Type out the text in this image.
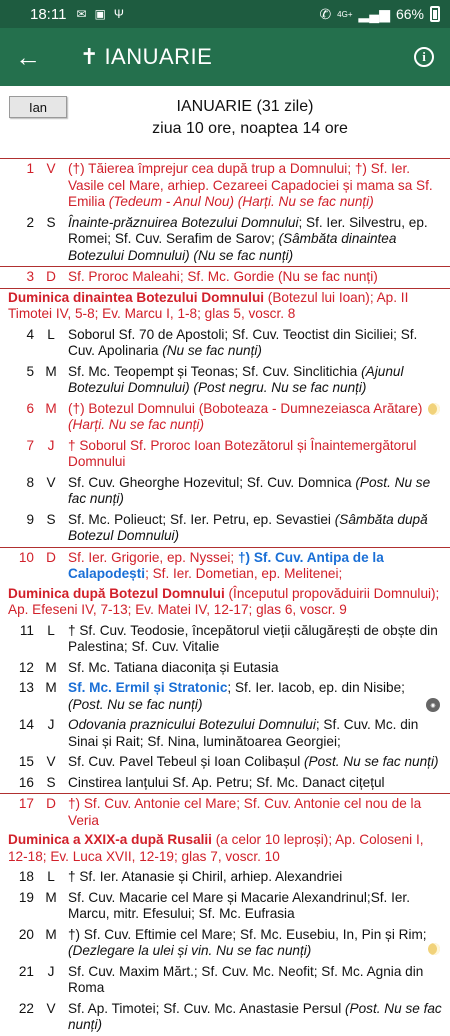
18:11 ✉ ▣ Ψ	✆ 4G+ ▂▄▆ 66%
←	✝ IANUARIE	i
Ian	IANUARIE (31 zile)
ziua 10 ore, noaptea 14 ore
1 V (†) Tăierea împrejur cea după trup a Domnului; †) Sf. Ier. Vasile cel Mare, arhiep. Cezareei Capadociei și mama sa Sf. Emilia (Tedeum - Anul Nou) (Harți. Nu se fac nunți)
2 S Înainte-prăznuirea Botezului Domnului; Sf. Ier. Silvestru, ep. Romei; Sf. Cuv. Serafim de Sarov; (Sâmbăta dinaintea Botezului Domnului) (Nu se fac nunți)
3 D Sf. Proroc Maleahi; Sf. Mc. Gordie (Nu se fac nunți)
Duminica dinaintea Botezului Domnului (Botezul lui Ioan); Ap. II Timotei IV, 5-8; Ev. Marcu I, 1-8; glas 5, voscr. 8
4 L Soborul Sf. 70 de Apostoli; Sf. Cuv. Teoctist din Siciliei; Sf. Cuv. Apolinaria (Nu se fac nunți)
5 M Sf. Mc. Teopempt și Teonas; Sf. Cuv. Sinclitichia (Ajunul Botezului Domnului) (Post negru. Nu se fac nunți)
6 M (†) Botezul Domnului (Boboteaza - Dumnezeiasca Arătare) (Harți. Nu se fac nunți)
7 J	† Soborul Sf. Proroc Ioan Botezătorul și Înaintemergătorul Domnului
8 V Sf. Cuv. Gheorghe Hozevitul; Sf. Cuv. Domnica (Post. Nu se fac nunți)
9 S Sf. Mc. Polieuct; Sf. Ier. Petru, ep. Sevastiei (Sâmbăta după Botezul Domnului)
10 D Sf. Ier. Grigorie, ep. Nyssei; †) Sf. Cuv. Antipa de la Calapodești; Sf. Ier. Dometian, ep. Melitenei;
Duminica după Botezul Domnului (Începutul propovăduirii Domnului); Ap. Efeseni IV, 7-13; Ev. Matei IV, 12-17; glas 6, voscr. 9
11 L † Sf. Cuv. Teodosie, începătorul vieții călugărești de obște din Palestina; Sf. Cuv. Vitalie
12 M Sf. Mc. Tatiana diaconița și Eutasia
13 M Sf. Mc. Ermil și Stratonic; Sf. Ier. Iacob, ep. din Nisibe; (Post. Nu se fac nunți)
14 J	Odovania praznicului Botezului Domnului; Sf. Cuv. Mc. din Sinai și Rait; Sf. Nina, luminătoarea Georgiei;
15 V Sf. Cuv. Pavel Tebeul și Ioan Colibașul (Post. Nu se fac nunți)
16 S Cinstirea lanțului Sf. Ap. Petru; Sf. Mc. Danact cițețul
17 D †) Sf. Cuv. Antonie cel Mare; Sf. Cuv. Antonie cel nou de la Veria
Duminica a XXIX-a după Rusalii (a celor 10 leproși); Ap. Coloseni I, 12-18; Ev. Luca XVII, 12-19; glas 7, voscr. 10
18 L † Sf. Ier. Atanasie și Chiril, arhiep. Alexandriei
19 M Sf. Cuv. Macarie cel Mare și Macarie Alexandrinul;Sf. Ier. Marcu, mitr. Efesului; Sf. Mc. Eufrasia
20 M †) Sf. Cuv. Eftimie cel Mare; Sf. Mc. Eusebiu, In, Pin și Rim; (Dezlegare la ulei și vin. Nu se fac nunți)
21 J	Sf. Cuv. Maxim Mărt.; Sf. Cuv. Mc. Neofit; Sf. Mc. Agnia din Roma
22 V Sf. Ap. Timotei; Sf. Cuv. Mc. Anastasie Persul (Post. Nu se fac nunți)
◉
